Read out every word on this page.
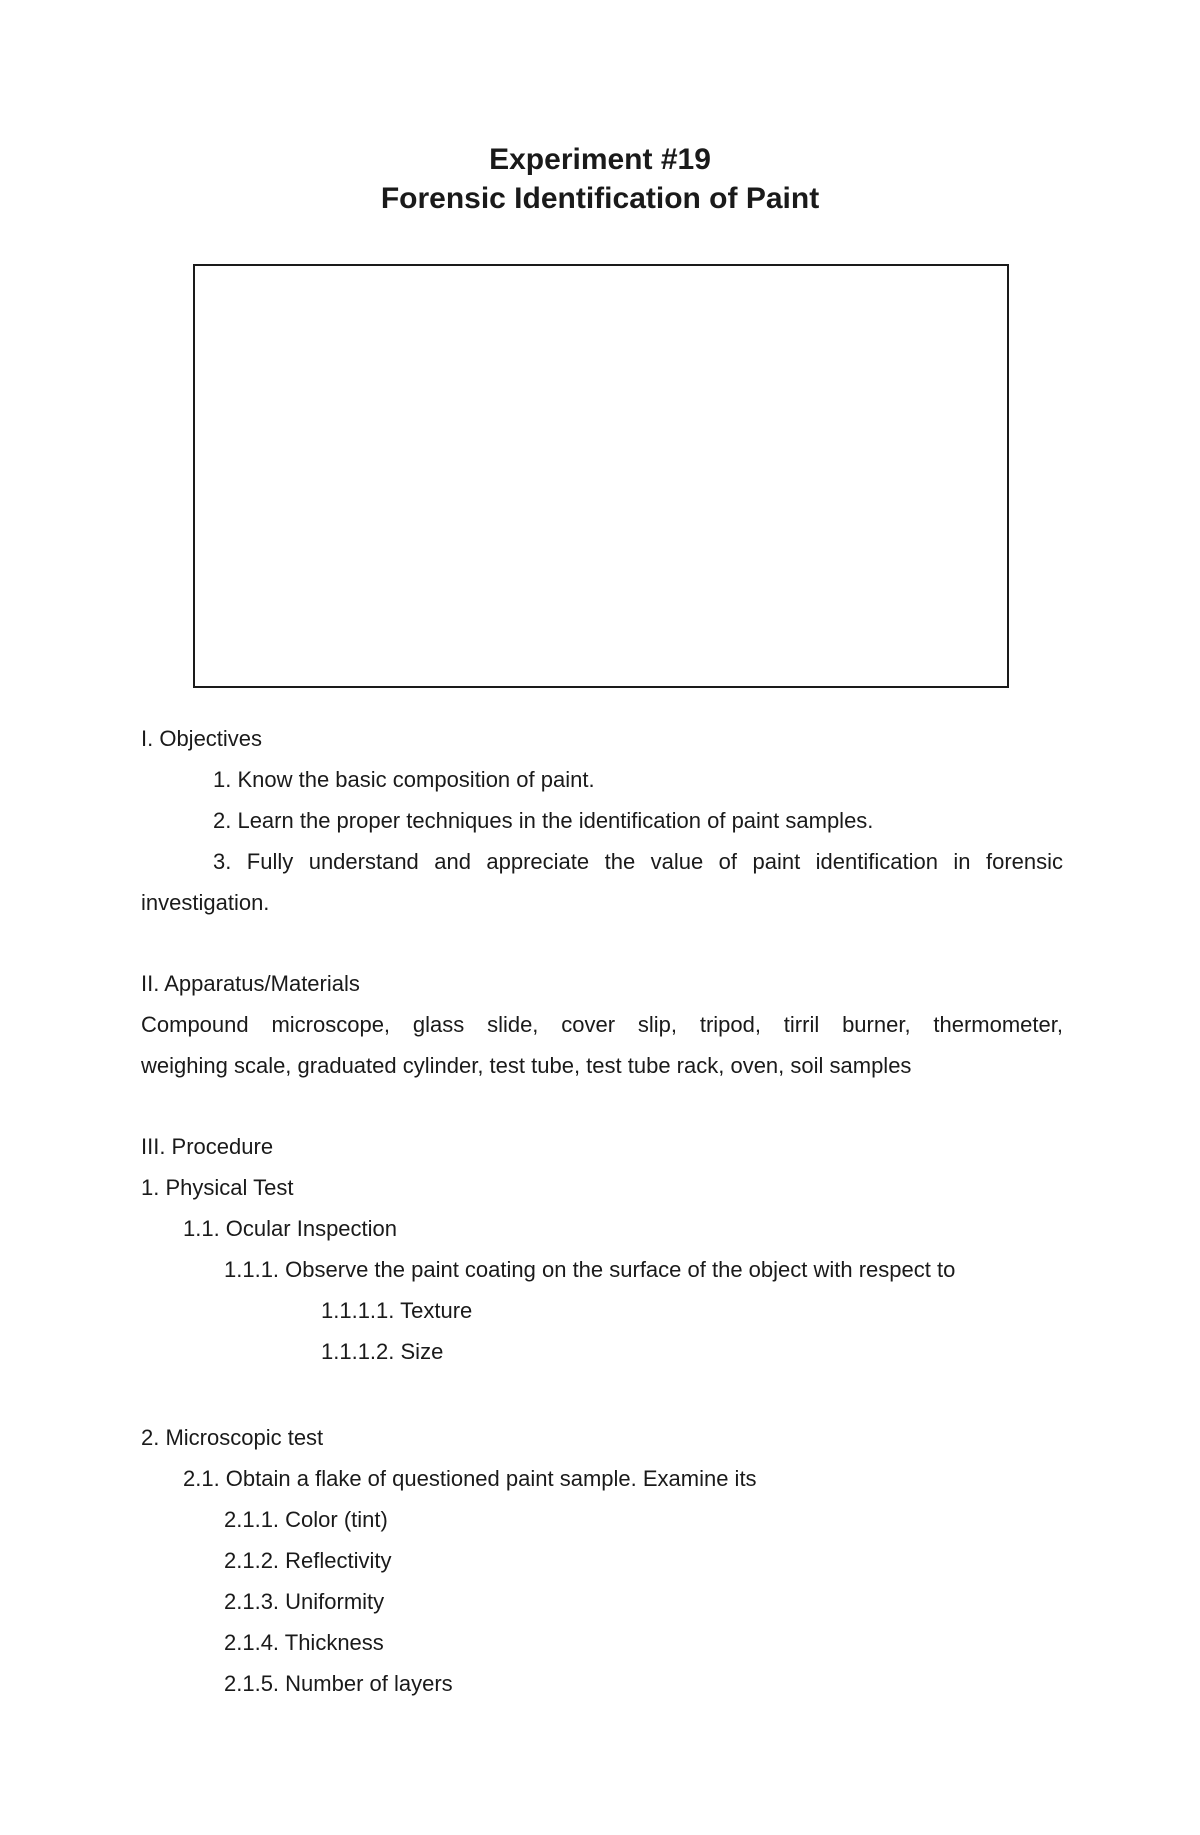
Experiment #19
Forensic Identification of Paint
I. Objectives
1. Know the basic composition of paint.
2. Learn the proper techniques in the identification of paint samples.
3. Fully understand and appreciate the value of paint identification in forensic
investigation.
II. Apparatus/Materials
Compound microscope, glass slide, cover slip, tripod, tirril burner, thermometer,
weighing scale, graduated cylinder, test tube, test tube rack, oven, soil samples
III. Procedure
1. Physical Test
1.1. Ocular Inspection
1.1.1. Observe the paint coating on the surface of the object with respect to
1.1.1.1. Texture
1.1.1.2. Size
2. Microscopic test
2.1. Obtain a flake of questioned paint sample. Examine its
2.1.1. Color (tint)
2.1.2. Reflectivity
2.1.3. Uniformity
2.1.4. Thickness
2.1.5. Number of layers
